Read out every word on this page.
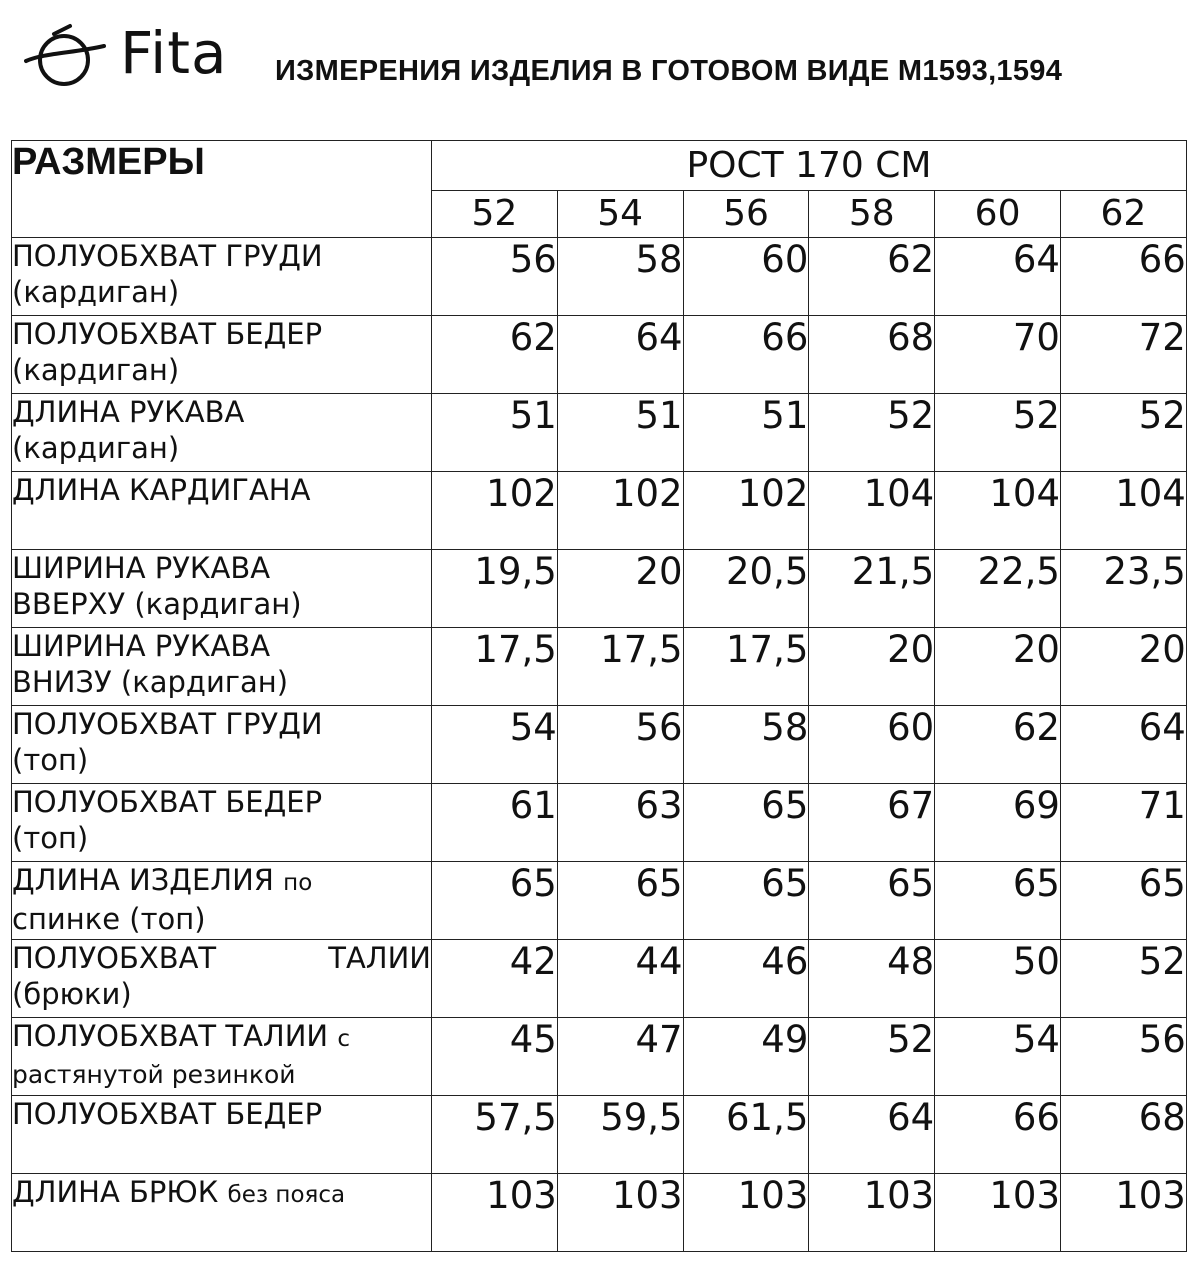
Fita ИЗМЕРЕНИЯ ИЗДЕЛИЯ В ГОТОВОМ ВИДЕ М1593,1594
РАЗМЕРЫ	РОСТ 170 СМ					
	52	54	56	58	60	62

ПОЛУОБХВАТ ГРУДИ
(кардиган)	56	58	60	62	64	66

ПОЛУОБХВАТ БЕДЕР
(кардиган)	62	64	66	68	70	72

ДЛИНА РУКАВА
(кардиган)	51	51	51	52	52	52

ДЛИНА КАРДИГАНА	102	102	102	104	104	104

ШИРИНА РУКАВА
ВВЕРХУ (кардиган)	19,5	20	20,5	21,5	22,5	23,5

ШИРИНА РУКАВА
ВНИЗУ (кардиган)	17,5	17,5	17,5	20	20	20

ПОЛУОБХВАТ ГРУДИ
(топ)	54	56	58	60	62	64

ПОЛУОБХВАТ БЕДЕР
(топ)	61	63	65	67	69	71

ДЛИНА ИЗДЕЛИЯ по
спинке (топ)	65	65	65	65	65	65

ПОЛУОБХВАТ ТАЛИИ
(брюки)	42	44	46	48	50	52

ПОЛУОБХВАТ ТАЛИИ с
растянутой резинкой	45	47	49	52	54	56

ПОЛУОБХВАТ БЕДЕР	57,5	59,5	61,5	64	66	68

ДЛИНА БРЮК без пояса	103	103	103	103	103	103
